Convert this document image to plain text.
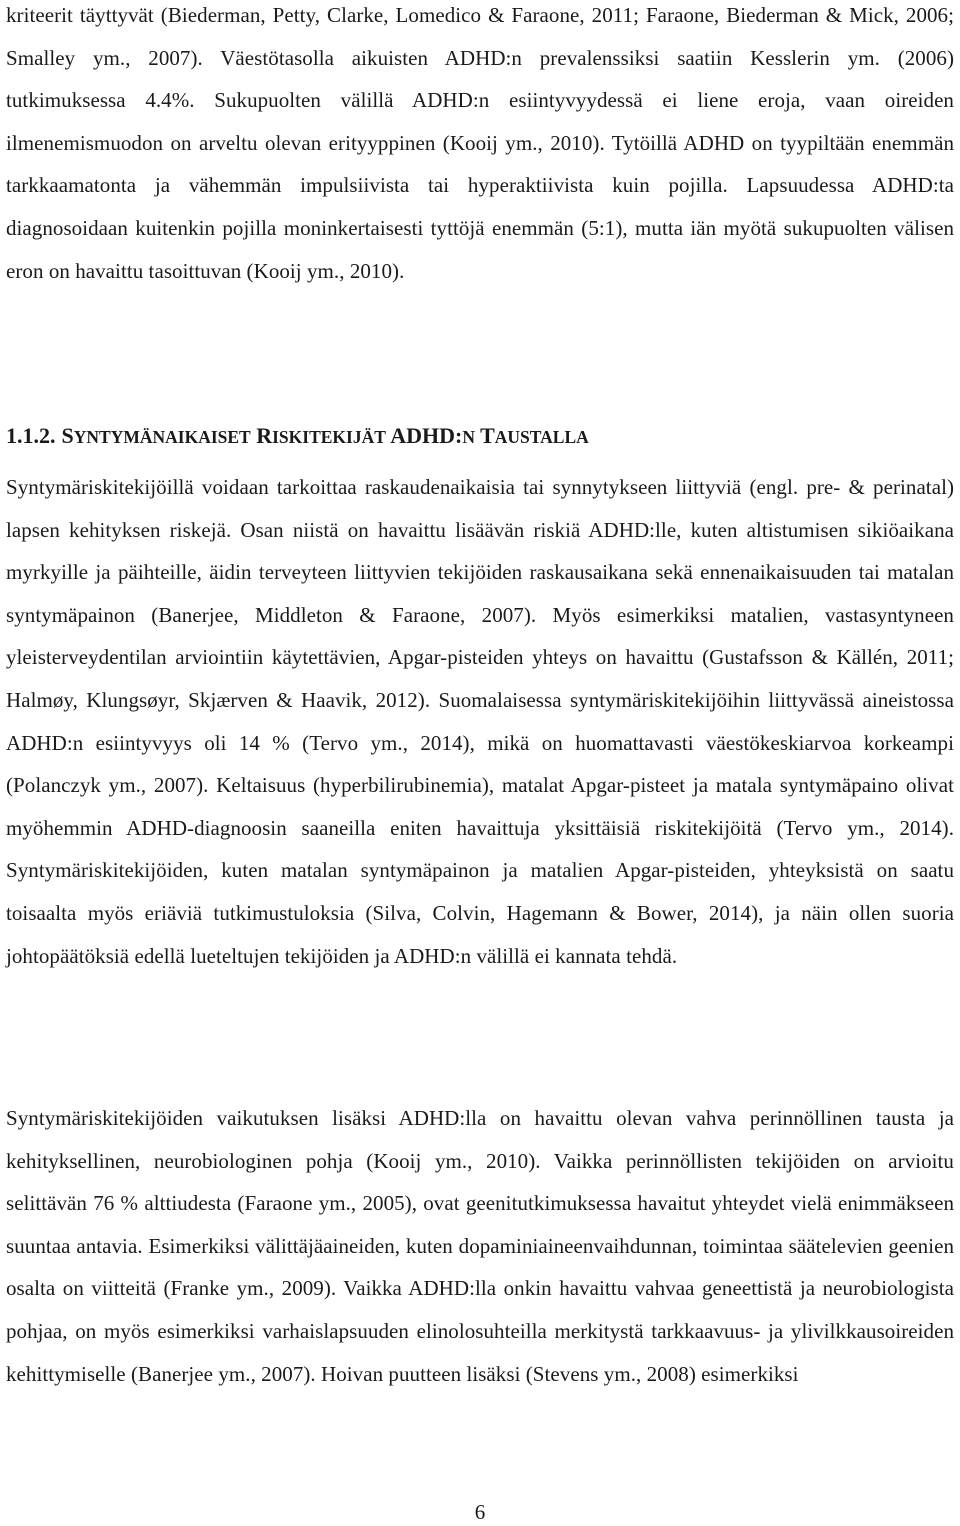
kriteerit täyttyvät (Biederman, Petty, Clarke, Lomedico & Faraone, 2011; Faraone, Biederman & Mick, 2006; Smalley ym., 2007). Väestötasolla aikuisten ADHD:n prevalenssiksi saatiin Kesslerin ym. (2006) tutkimuksessa 4.4%. Sukupuolten välillä ADHD:n esiintyvyydessä ei liene eroja, vaan oireiden ilmenemismuodon on arveltu olevan erityyppinen (Kooij ym., 2010). Tytöillä ADHD on tyypiltään enemmän tarkkaamatonta ja vähemmän impulsiivista tai hyperaktiivista kuin pojilla. Lapsuudessa ADHD:ta diagnosoidaan kuitenkin pojilla moninkertaisesti tyttöjä enemmän (5:1), mutta iän myötä sukupuolten välisen eron on havaittu tasoittuvan (Kooij ym., 2010).

1.1.2. SYNTYMÄNAIKAISET RISKITEKIJÄT ADHD:N TAUSTALLA

Syntymäriskitekijöillä voidaan tarkoittaa raskaudenaikaisia tai synnytykseen liittyviä (engl. pre- & perinatal) lapsen kehityksen riskejä. Osan niistä on havaittu lisäävän riskiä ADHD:lle, kuten altistumisen sikiöaikana myrkyille ja päihteille, äidin terveyteen liittyvien tekijöiden raskausaikana sekä ennenaikaisuuden tai matalan syntymäpainon (Banerjee, Middleton & Faraone, 2007). Myös esimerkiksi matalien, vastasyntyneen yleisterveydentilan arviointiin käytettävien, Apgar-pisteiden yhteys on havaittu (Gustafsson & Källén, 2011; Halmøy, Klungsøyr, Skjærven & Haavik, 2012). Suomalaisessa syntymäriskitekijöihin liittyvässä aineistossa ADHD:n esiintyvyys oli 14 % (Tervo ym., 2014), mikä on huomattavasti väestökeskiarvoa korkeampi (Polanczyk ym., 2007). Keltaisuus (hyperbilirubinemia), matalat Apgar-pisteet ja matala syntymäpaino olivat myöhemmin ADHD-diagnoosin saaneilla eniten havaittuja yksittäisiä riskitekijöitä (Tervo ym., 2014). Syntymäriskitekijöiden, kuten matalan syntymäpainon ja matalien Apgar-pisteiden, yhteyksistä on saatu toisaalta myös eriäviä tutkimustuloksia (Silva, Colvin, Hagemann & Bower, 2014), ja näin ollen suoria johtopäätöksiä edellä lueteltujen tekijöiden ja ADHD:n välillä ei kannata tehdä.

Syntymäriskitekijöiden vaikutuksen lisäksi ADHD:lla on havaittu olevan vahva perinnöllinen tausta ja kehityksellinen, neurobiologinen pohja (Kooij ym., 2010). Vaikka perinnöllisten tekijöiden on arvioitu selittävän 76 % alttiudesta (Faraone ym., 2005), ovat geenitutkimuksessa havaitut yhteydet vielä enimmäkseen suuntaa antavia. Esimerkiksi välittäjäaineiden, kuten dopaminiaineenvaihdunnan, toimintaa säätelevien geenien osalta on viitteitä (Franke ym., 2009). Vaikka ADHD:lla onkin havaittu vahvaa geneettistä ja neurobiologista pohjaa, on myös esimerkiksi varhaislapsuuden elinolosuhteilla merkitystä tarkkaavuus- ja ylivilkkausoireiden kehittymiselle (Banerjee ym., 2007). Hoivan puutteen lisäksi (Stevens ym., 2008) esimerkiksi

6
